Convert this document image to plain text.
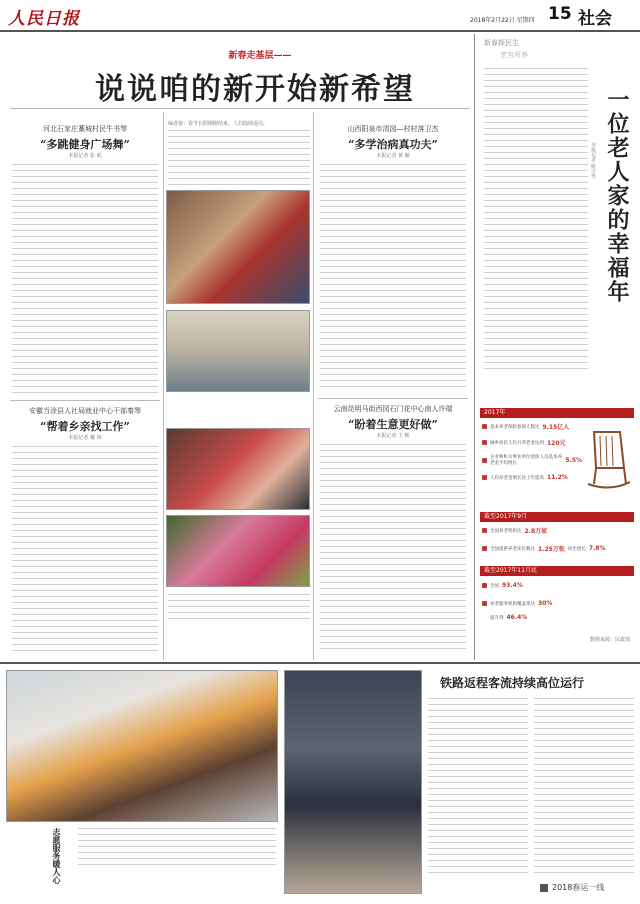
人民日报	2018年2月22日 星期四 15 社会
新春走基层——
说说咱的新开始新希望
河北石家庄藁城村民牛书琴
“多跳健身广场舞”
本报记者 张 彪
安徽当涂县人社局就业中心干部秦琴
“帮着乡亲找工作”
本报记者 戴 林
编者按：春节长假刚刚结束，人们陆续返岗。
山西阳泉市清园—村村落卫杰
“多学治病真功夫”
本报记者 黄 颖
云南昆明马街西园石门花中心南人许瑞
“盼着生意更好做”
本报记者 王 彬
新春探民生
老有所养
一位老人家的幸福年
本报记者 姚宇男
2017年
基本养老保险参保人数达 9.15亿人
城乡居民人均月养老金达到 120元
企业和机关事业单位退休人员基本养老金平均增长	5.5%
人均养老金增长比上年提高 11.2%
截至2017年9月
全国养老机构达 2.8万家
全国提供养老床位数达 1.25万张 同比增长 7.8%
截至2017年11月底
全国 93.4%
养老服务机构覆盖率达 30%
提升到 46.4%
数据来源：民政部
志愿服务暖人心
铁路返程客流持续高位运行
2018春运一线
